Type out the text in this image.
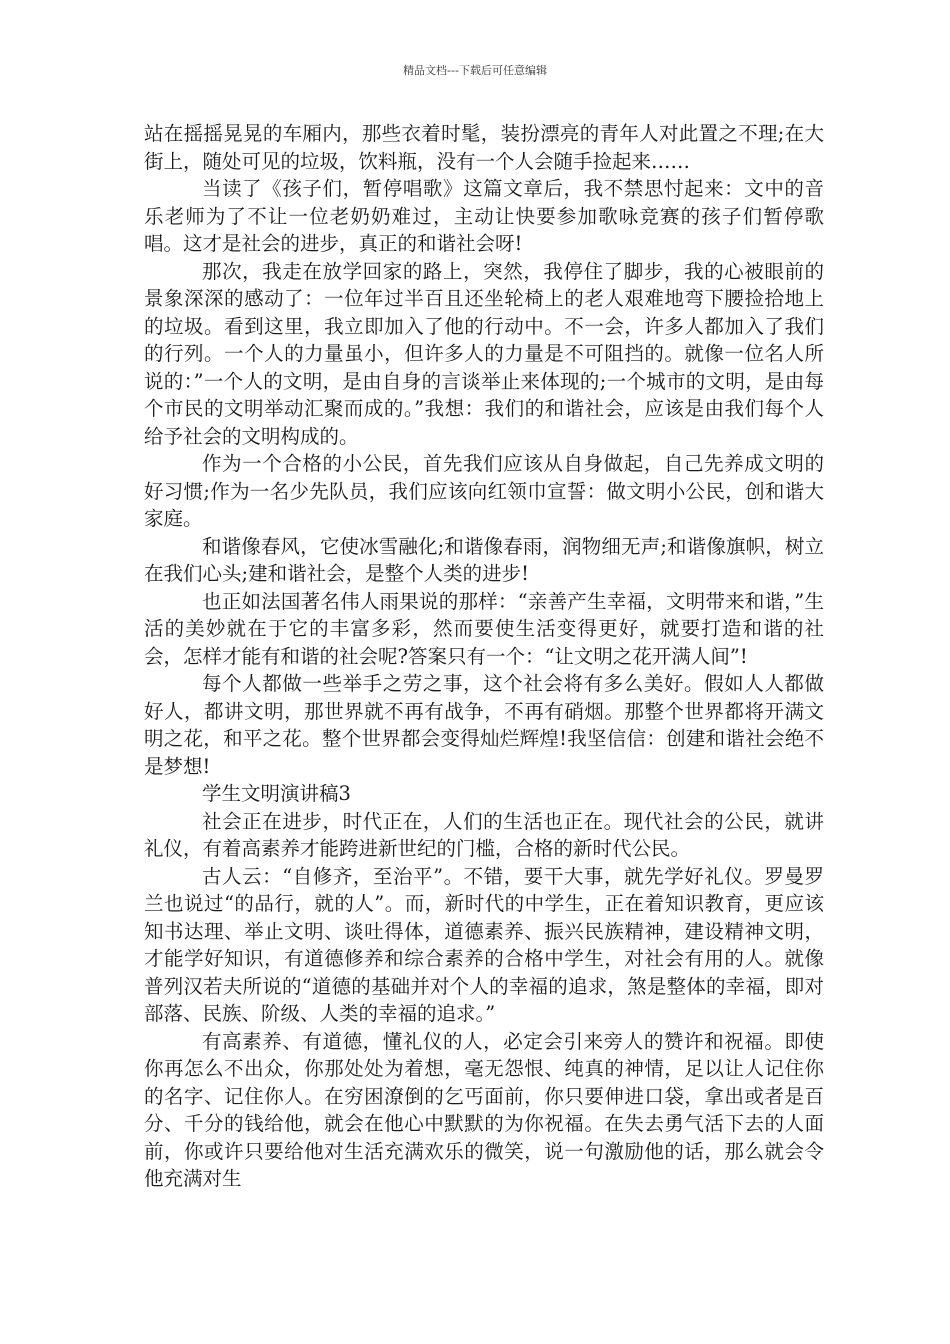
精品文档---下载后可任意编辑

站在摇摇晃晃的车厢内，那些衣着时髦，装扮漂亮的青年人对此置之不理;在大街上，随处可见的垃圾，饮料瓶，没有一个人会随手捡起来……

当读了《孩子们，暂停唱歌》这篇文章后，我不禁思忖起来：文中的音乐老师为了不让一位老奶奶难过，主动让快要参加歌咏竞赛的孩子们暂停歌唱。这才是社会的进步，真正的和谐社会呀!

那次，我走在放学回家的路上，突然，我停住了脚步，我的心被眼前的景象深深的感动了：一位年过半百且还坐轮椅上的老人艰难地弯下腰捡拾地上的垃圾。看到这里，我立即加入了他的行动中。不一会，许多人都加入了我们的行列。一个人的力量虽小，但许多人的力量是不可阻挡的。就像一位名人所说的：”一个人的文明，是由自身的言谈举止来体现的;一个城市的文明，是由每个市民的文明举动汇聚而成的。”我想：我们的和谐社会，应该是由我们每个人给予社会的文明构成的。

作为一个合格的小公民，首先我们应该从自身做起，自己先养成文明的好习惯;作为一名少先队员，我们应该向红领巾宣誓：做文明小公民，创和谐大家庭。

和谐像春风，它使冰雪融化;和谐像春雨，润物细无声;和谐像旗帜，树立在我们心头;建和谐社会，是整个人类的进步!

也正如法国著名伟人雨果说的那样：“亲善产生幸福，文明带来和谐，”生活的美妙就在于它的丰富多彩，然而要使生活变得更好，就要打造和谐的社会，怎样才能有和谐的社会呢?答案只有一个：“让文明之花开满人间”!

每个人都做一些举手之劳之事，这个社会将有多么美好。假如人人都做好人，都讲文明，那世界就不再有战争，不再有硝烟。那整个世界都将开满文明之花，和平之花。整个世界都会变得灿烂辉煌!我坚信信：创建和谐社会绝不是梦想!

学生文明演讲稿3

社会正在进步，时代正在，人们的生活也正在。现代社会的公民，就讲礼仪，有着高素养才能跨进新世纪的门槛，合格的新时代公民。

古人云：“自修齐，至治平”。不错，要干大事，就先学好礼仪。罗曼罗兰也说过“的品行，就的人”。而，新时代的中学生，正在着知识教育，更应该知书达理、举止文明、谈吐得体，道德素养、振兴民族精神，建设精神文明，才能学好知识，有道德修养和综合素养的合格中学生，对社会有用的人。就像普列汉若夫所说的“道德的基础并对个人的幸福的追求，煞是整体的幸福，即对部落、民族、阶级、人类的幸福的追求。”

有高素养、有道德，懂礼仪的人，必定会引来旁人的赞许和祝福。即使你再怎么不出众，你那处处为着想，毫无怨恨、纯真的神情，足以让人记住你的名字、记住你人。在穷困潦倒的乞丐面前，你只要伸进口袋，拿出或者是百分、千分的钱给他，就会在他心中默默的为你祝福。在失去勇气活下去的人面前，你或许只要给他对生活充满欢乐的微笑，说一句激励他的话，那么就会令他充满对生
